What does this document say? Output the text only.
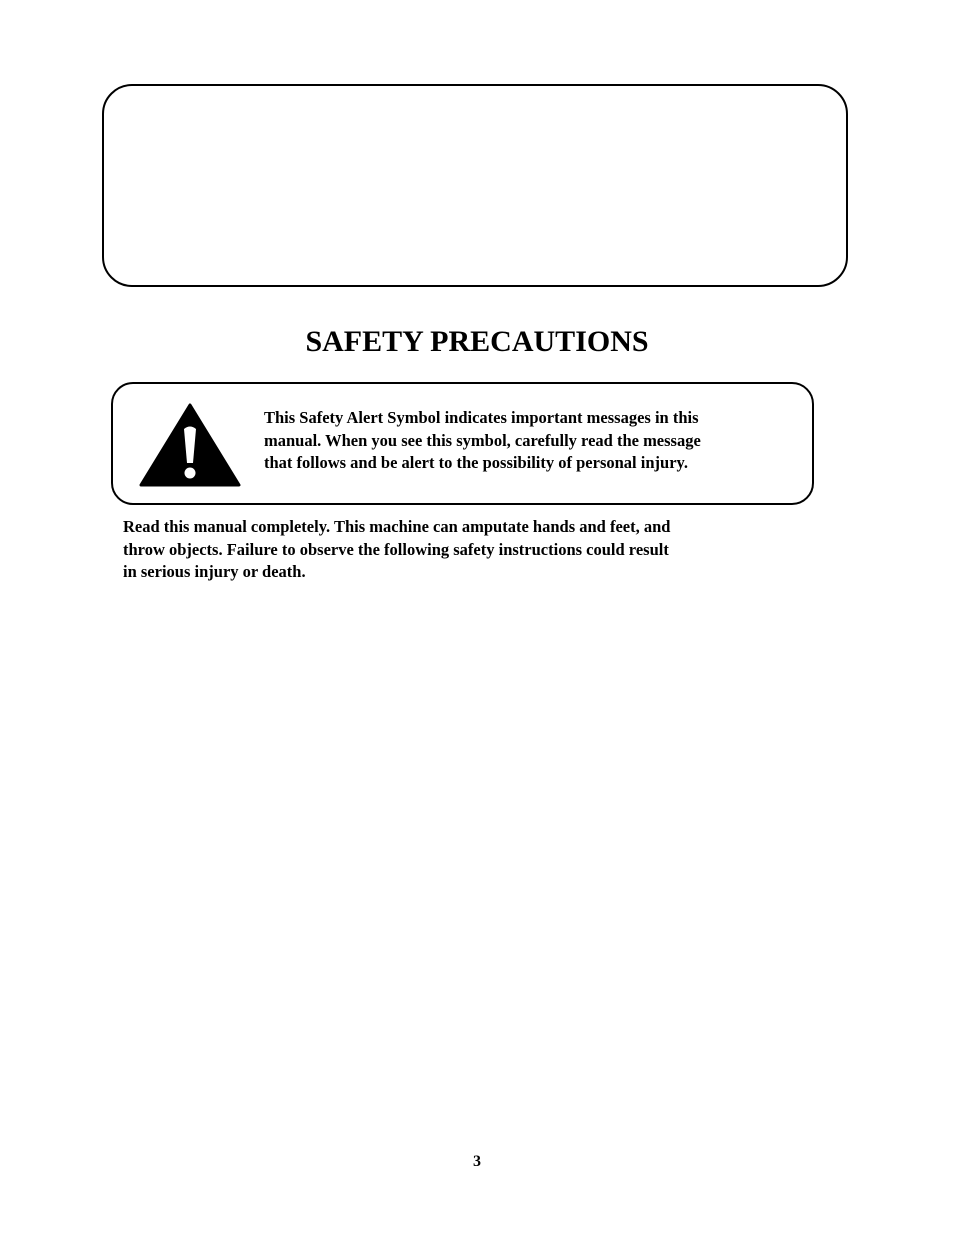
SAFETY PRECAUTIONS

This Safety Alert Symbol indicates important messages in this
manual. When you see this symbol, carefully read the message
that follows and be alert to the possibility of personal injury.

Read this manual completely. This machine can amputate hands and feet, and
throw objects. Failure to observe the following safety instructions could result
in serious injury or death.

3
